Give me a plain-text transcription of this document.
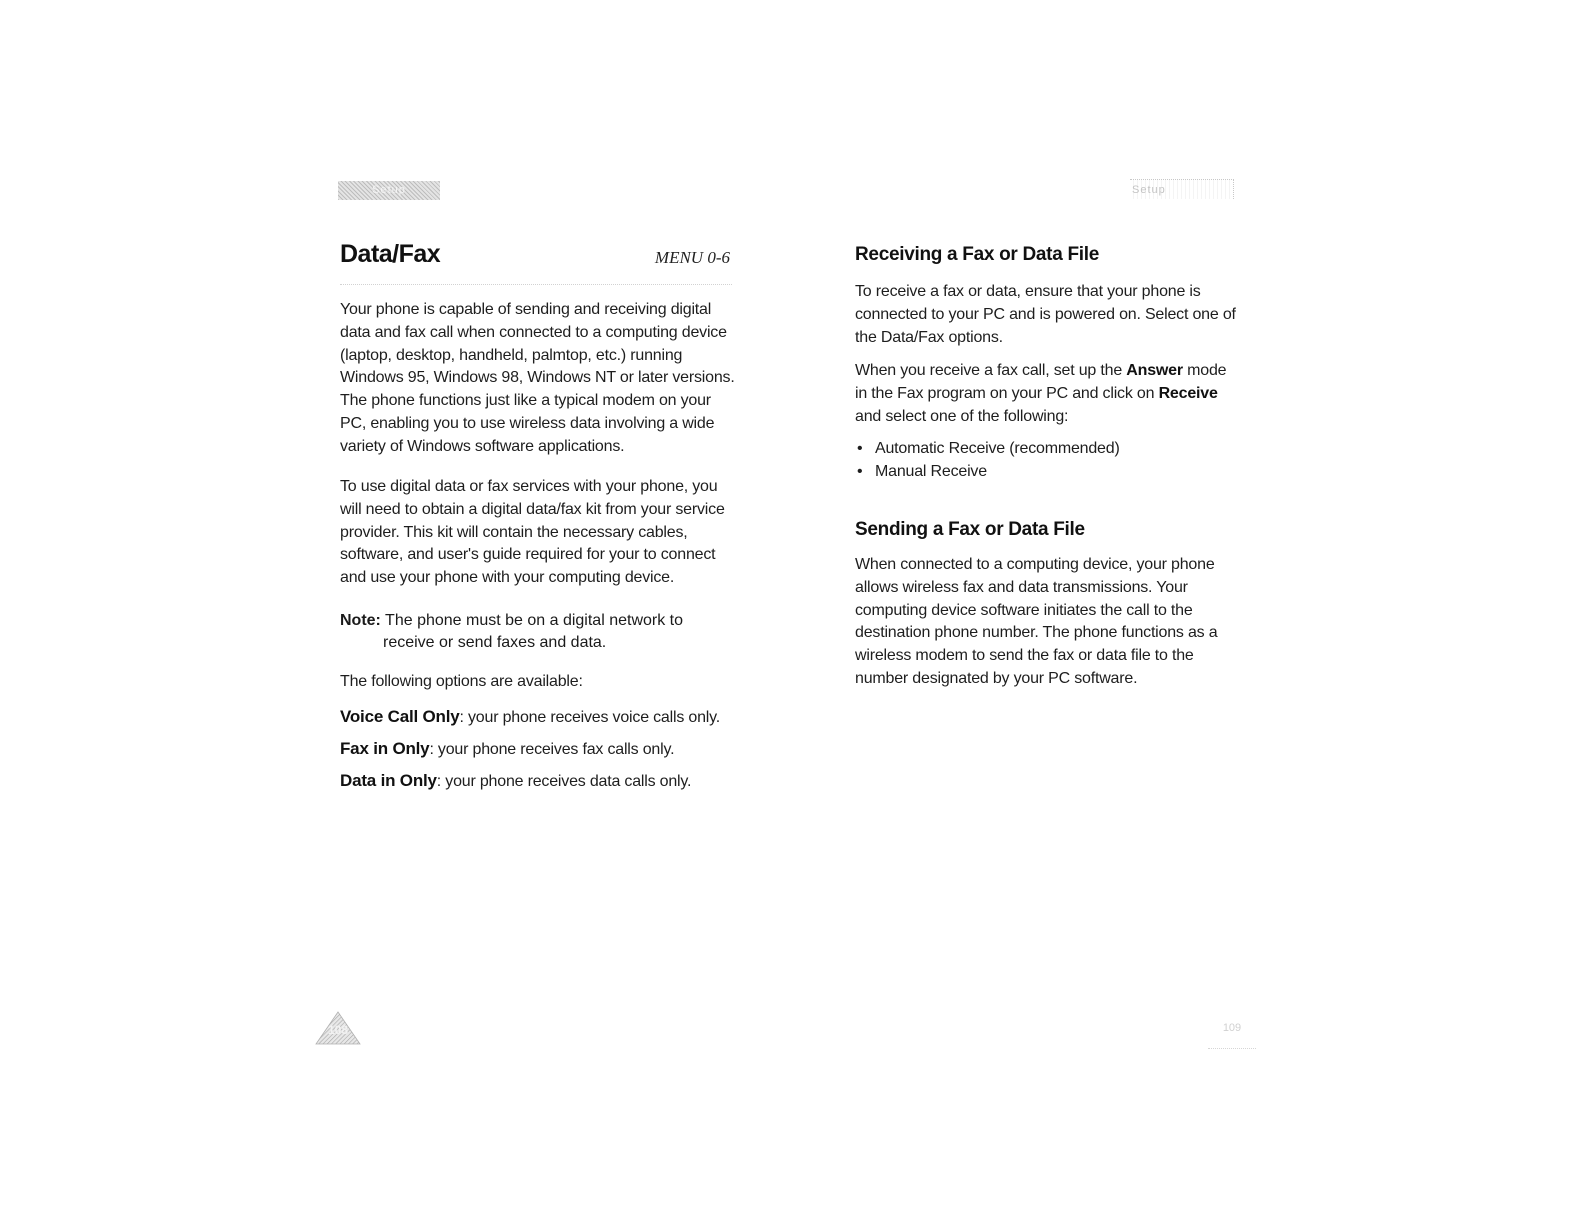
Setup
Data/Fax	MENU 0-6

Your phone is capable of sending and receiving digital data and fax call when connected to a computing device (laptop, desktop, handheld, palmtop, etc.) running Windows 95, Windows 98, Windows NT or later versions. The phone functions just like a typical modem on your PC, enabling you to use wireless data involving a wide variety of Windows software applications.

To use digital data or fax services with your phone, you will need to obtain a digital data/fax kit from your service provider. This kit will contain the necessary cables, software, and user's guide required for your to connect and use your phone with your computing device.

Note: The phone must be on a digital network to
receive or send faxes and data.

The following options are available:

Voice Call Only: your phone receives voice calls only.

Fax in Only: your phone receives fax calls only.

Data in Only: your phone receives data calls only.

108
Setup
Receiving a Fax or Data File

To receive a fax or data, ensure that your phone is connected to your PC and is powered on. Select one of the Data/Fax options.

When you receive a fax call, set up the Answer mode in the Fax program on your PC and click on Receive and select one of the following:

• Automatic Receive (recommended)
• Manual Receive
Sending a Fax or Data File

When connected to a computing device, your phone allows wireless fax and data transmissions. Your computing device software initiates the call to the destination phone number. The phone functions as a wireless modem to send the fax or data file to the number designated by your PC software.

109
